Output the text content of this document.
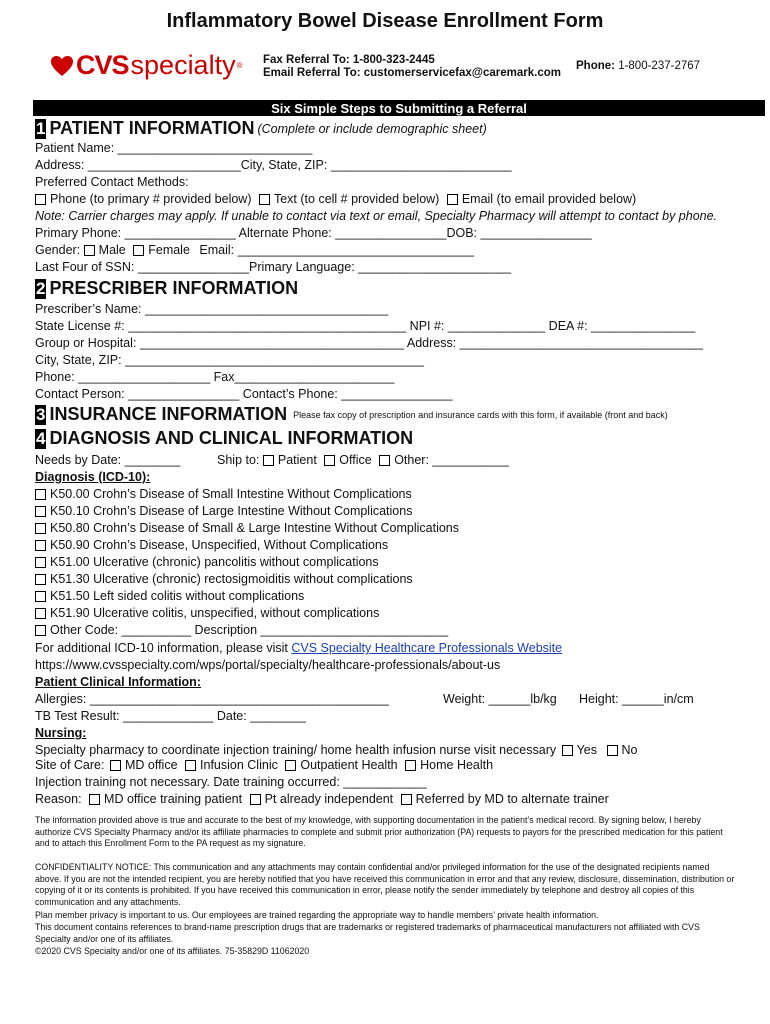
Inflammatory Bowel Disease Enrollment Form
CVS specialty ® Fax Referral To: 1-800-323-2445
Email Referral To: customerservicefax@caremark.com
Phone: 1-800-237-2767
Six Simple Steps to Submitting a Referral
1 PATIENT INFORMATION (Complete or include demographic sheet)
Patient Name: ____________________________
Address: ______________________City, State, ZIP: __________________________
Preferred Contact Methods:
Phone (to primary # provided below) Text (to cell # provided below) Email (to email provided below)
Note: Carrier charges may apply. If unable to contact via text or email, Specialty Pharmacy will attempt to contact by phone.
Primary Phone: ________________ Alternate Phone: ________________DOB: ________________
Gender: Male Female Email: __________________________________
Last Four of SSN: ________________Primary Language: ______________________
2 PRESCRIBER INFORMATION
Prescriber’s Name: ___________________________________
State License #: ________________________________________ NPI #: ______________ DEA #: _______________
Group or Hospital: ______________________________________ Address: ___________________________________
City, State, ZIP: ___________________________________________
Phone: ___________________ Fax_______________________
Contact Person: ________________ Contact’s Phone: ________________
3 INSURANCE INFORMATION Please fax copy of prescription and insurance cards with this form, if available (front and back)
4 DIAGNOSIS AND CLINICAL INFORMATION
Needs by Date: ________	Ship to: Patient Office Other: ___________
Diagnosis (ICD-10):
K50.00 Crohn’s Disease of Small Intestine Without Complications
K50.10 Crohn’s Disease of Large Intestine Without Complications
K50.80 Crohn’s Disease of Small & Large Intestine Without Complications
K50.90 Crohn’s Disease, Unspecified, Without Complications
K51.00 Ulcerative (chronic) pancolitis without complications
K51.30 Ulcerative (chronic) rectosigmoiditis without complications
K51.50 Left sided colitis without complications
K51.90 Ulcerative colitis, unspecified, without complications
Other Code: __________ Description ___________________________
For additional ICD-10 information, please visit CVS Specialty Healthcare Professionals Website
https://www.cvsspecialty.com/wps/portal/specialty/healthcare-professionals/about-us
Patient Clinical Information:
Allergies: ___________________________________________	Weight: ______lb/kg Height: ______in/cm
TB Test Result: _____________ Date: ________
Nursing:
Specialty pharmacy to coordinate injection training/ home health infusion nurse visit necessary Yes No
Site of Care: MD office Infusion Clinic Outpatient Health Home Health
Injection training not necessary. Date training occurred: ____________
Reason: MD office training patient Pt already independent Referred by MD to alternate trainer
The information provided above is true and accurate to the best of my knowledge, with supporting documentation in the patient’s medical record. By signing below, I hereby authorize CVS Specialty Pharmacy and/or its affiliate pharmacies to complete and submit prior authorization (PA) requests to payors for the prescribed medication for this patient and to attach this Enrollment Form to the PA request as my signature.
CONFIDENTIALITY NOTICE: This communication and any attachments may contain confidential and/or privileged information for the use of the designated recipients named above. If you are not the intended recipient, you are hereby notified that you have received this communication in error and that any review, disclosure, dissemination, distribution or copying of it or its contents is prohibited. If you have received this communication in error, please notify the sender immediately by telephone and destroy all copies of this communication and any attachments.
Plan member privacy is important to us. Our employees are trained regarding the appropriate way to handle members’ private health information.
This document contains references to brand-name prescription drugs that are trademarks or registered trademarks of pharmaceutical manufacturers not affiliated with CVS Specialty and/or one of its affiliates.
©2020 CVS Specialty and/or one of its affiliates. 75-35829D 11062020
